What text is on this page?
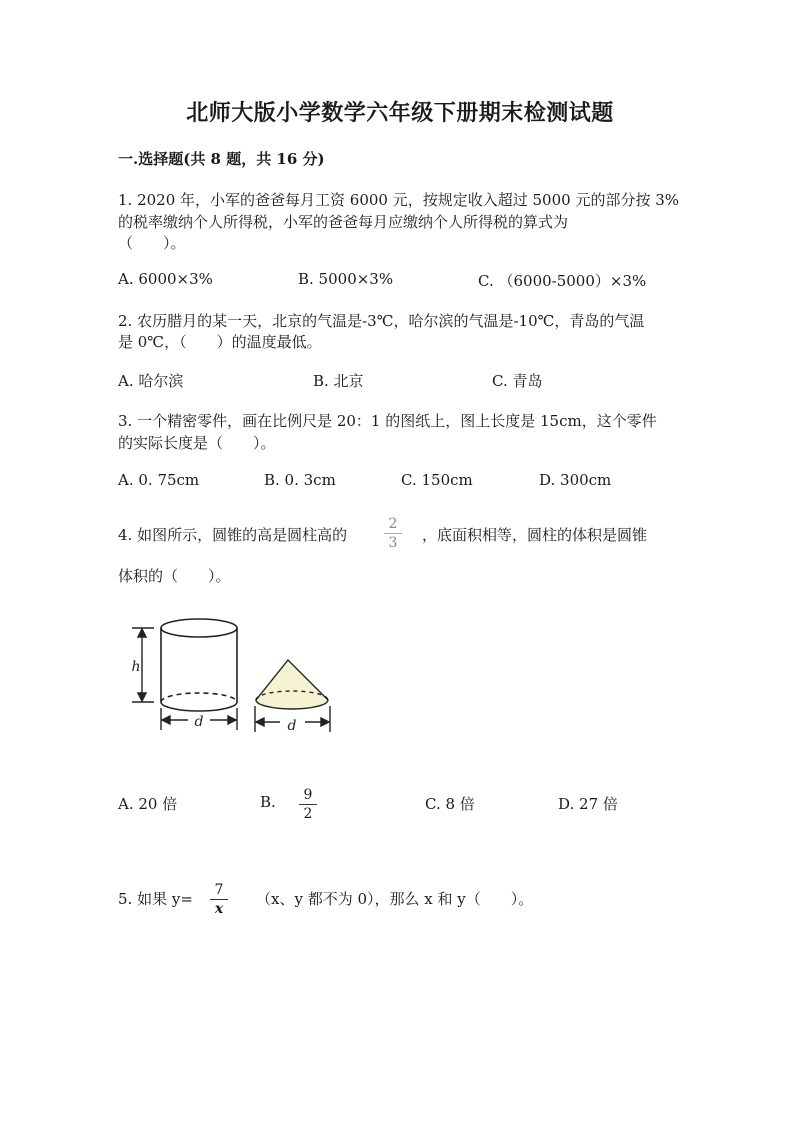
北师大版小学数学六年级下册期末检测试题
一.选择题(共 8 题，共 16 分)
1. 2020 年，小军的爸爸每月工资 6000 元，按规定收入超过 5000 元的部分按 3%
的税率缴纳个人所得税，小军的爸爸每月应缴纳个人所得税的算式为
（　　）。
A. 6000×3%	B. 5000×3%	C. （6000-5000）×3%
2. 农历腊月的某一天，北京的气温是-3℃，哈尔滨的气温是-10℃，青岛的气温
是 0℃，（　　）的温度最低。
A. 哈尔滨	B. 北京	C. 青岛
3. 一个精密零件，画在比例尺是 20：1 的图纸上，图上长度是 15cm，这个零件
的实际长度是（　　）。
A. 0. 75cm	B. 0. 3cm	C. 150cm	D. 300cm
4. 如图所示，圆锥的高是圆柱高的
2
3	，底面积相等，圆柱的体积是圆锥
体积的（　　）。
h
d	d
A. 20 倍	B.	9
2
C. 8 倍	D. 27 倍
5. 如果 y=	7
x
（x、y 都不为 0），那么 x 和 y（　　）。
